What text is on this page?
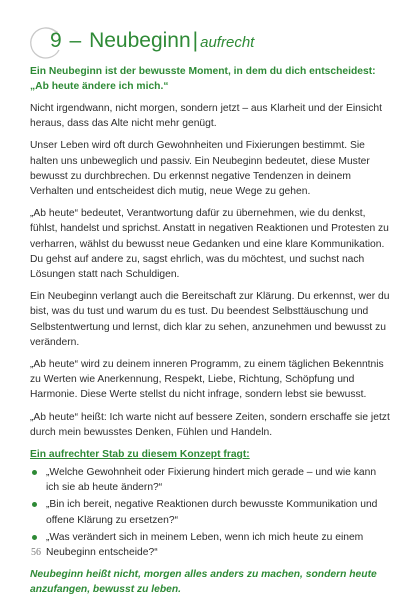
9 – Neubeginn| aufrecht

Ein Neubeginn ist der bewusste Moment, in dem du dich entscheidest: „Ab heute ändere ich mich.“

Nicht irgendwann, nicht morgen, sondern jetzt – aus Klarheit und der Einsicht heraus, dass das Alte nicht mehr genügt.

Unser Leben wird oft durch Gewohnheiten und Fixierungen bestimmt. Sie halten uns unbeweglich und passiv. Ein Neubeginn bedeutet, diese Muster bewusst zu durchbrechen. Du erkennst negative Tendenzen in deinem Verhalten und entscheidest dich mutig, neue Wege zu gehen.

„Ab heute“ bedeutet, Verantwortung dafür zu übernehmen, wie du denkst, fühlst, handelst und sprichst. Anstatt in negativen Reaktionen und Protesten zu verharren, wählst du bewusst neue Gedanken und eine klare Kommunikation. Du gehst auf andere zu, sagst ehrlich, was du möchtest, und suchst nach Lösungen statt nach Schuldigen.

Ein Neubeginn verlangt auch die Bereitschaft zur Klärung. Du erkennst, wer du bist, was du tust und warum du es tust. Du beendest Selbsttäuschung und Selbstentwertung und lernst, dich klar zu sehen, anzunehmen und bewusst zu verändern.

„Ab heute“ wird zu deinem inneren Programm, zu einem täglichen Bekenntnis zu Werten wie Anerkennung, Respekt, Liebe, Richtung, Schöpfung und Harmonie. Diese Werte stellst du nicht infrage, sondern lebst sie bewusst.

„Ab heute“ heißt: Ich warte nicht auf bessere Zeiten, sondern erschaffe sie jetzt durch mein bewusstes Denken, Fühlen und Handeln.

Ein aufrechter Stab zu diesem Konzept fragt:
„Welche Gewohnheit oder Fixierung hindert mich gerade – und wie kann ich sie ab heute ändern?“
„Bin ich bereit, negative Reaktionen durch bewusste Kommunikation und offene Klärung zu ersetzen?“
„Was verändert sich in meinem Leben, wenn ich mich heute zu einem Neubeginn entscheide?“

Neubeginn heißt nicht, morgen alles anders zu machen, sondern heute anzufangen, bewusst zu leben.

56
